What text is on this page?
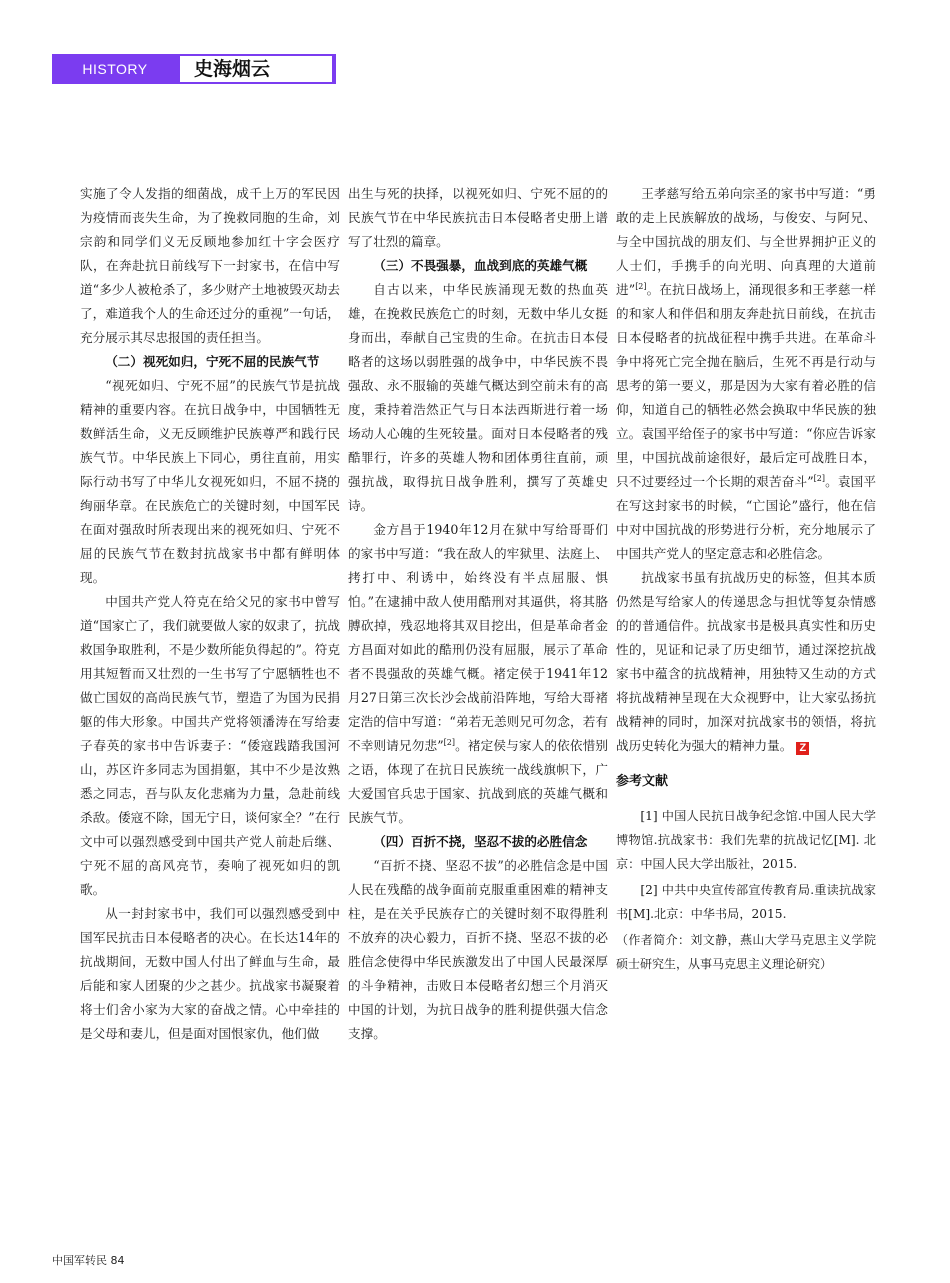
HISTORY	史海烟云

实施了令人发指的细菌战，成千上万的军民因为疫情而丧失生命，为了挽救同胞的生命，刘宗韵和同学们义无反顾地参加红十字会医疗队，在奔赴抗日前线写下一封家书，在信中写道“多少人被枪杀了，多少财产土地被毁灭劫去了，难道我个人的生命还过分的重视”一句话，充分展示其尽忠报国的责任担当。

（二）视死如归，宁死不屈的民族气节

“视死如归、宁死不屈”的民族气节是抗战精神的重要内容。在抗日战争中，中国牺牲无数鲜活生命，义无反顾维护民族尊严和践行民族气节。中华民族上下同心，勇往直前，用实际行动书写了中华儿女视死如归，不屈不挠的绚丽华章。在民族危亡的关键时刻，中国军民在面对强敌时所表现出来的视死如归、宁死不屈的民族气节在数封抗战家书中都有鲜明体现。

中国共产党人符克在给父兄的家书中曾写道“国家亡了，我们就要做人家的奴隶了，抗战救国争取胜利，不是少数所能负得起的”。符克用其短暂而又壮烈的一生书写了宁愿牺牲也不做亡国奴的高尚民族气节，塑造了为国为民捐躯的伟大形象。中国共产党将领潘涛在写给妻子春英的家书中告诉妻子：“倭寇践踏我国河山，苏区许多同志为国捐躯，其中不少是汝熟悉之同志，吾与队友化悲痛为力量，急赴前线杀敌。倭寇不除，国无宁日，谈何家全？”在行文中可以强烈感受到中国共产党人前赴后继、宁死不屈的高风亮节，奏响了视死如归的凯歌。

从一封封家书中，我们可以强烈感受到中国军民抗击日本侵略者的决心。在长达14年的抗战期间，无数中国人付出了鲜血与生命，最后能和家人团聚的少之甚少。抗战家书凝聚着将士们舍小家为大家的奋战之情。心中牵挂的是父母和妻儿，但是面对国恨家仇，他们做

出生与死的抉择，以视死如归、宁死不屈的的民族气节在中华民族抗击日本侵略者史册上谱写了壮烈的篇章。

（三）不畏强暴，血战到底的英雄气概

自古以来，中华民族涌现无数的热血英雄，在挽救民族危亡的时刻，无数中华儿女挺身而出，奉献自己宝贵的生命。在抗击日本侵略者的这场以弱胜强的战争中，中华民族不畏强敌、永不服输的英雄气概达到空前未有的高度，秉持着浩然正气与日本法西斯进行着一场场动人心魄的生死较量。面对日本侵略者的残酷罪行，许多的英雄人物和团体勇往直前，顽强抗战，取得抗日战争胜利，撰写了英雄史诗。

金方昌于1940年12月在狱中写给哥哥们的家书中写道：“我在敌人的牢狱里、法庭上、拷打中、利诱中，始终没有半点屈服、惧怕。”在逮捕中敌人使用酷刑对其逼供，将其胳膊砍掉，残忍地将其双目挖出，但是革命者金方昌面对如此的酷刑仍没有屈服，展示了革命者不畏强敌的英雄气概。褚定侯于1941年12月27日第三次长沙会战前沿阵地，写给大哥褚定浩的信中写道：“弟若无恙则兄可勿念，若有不幸则请兄勿悲”[2]。褚定侯与家人的依依惜别之语，体现了在抗日民族统一战线旗帜下，广大爱国官兵忠于国家、抗战到底的英雄气概和民族气节。

（四）百折不挠，坚忍不拔的必胜信念

“百折不挠、坚忍不拔”的必胜信念是中国人民在残酷的战争面前克服重重困难的精神支柱，是在关乎民族存亡的关键时刻不取得胜利不放弃的决心毅力，百折不挠、坚忍不拔的必胜信念使得中华民族激发出了中国人民最深厚的斗争精神，击败日本侵略者幻想三个月消灭中国的计划，为抗日战争的胜利提供强大信念支撑。

王孝慈写给五弟向宗圣的家书中写道：“勇敢的走上民族解放的战场，与俊安、与阿兄、与全中国抗战的朋友们、与全世界拥护正义的人士们，手携手的向光明、向真理的大道前进”[2]。在抗日战场上，涌现很多和王孝慈一样的和家人和伴侣和朋友奔赴抗日前线，在抗击日本侵略者的抗战征程中携手共进。在革命斗争中将死亡完全抛在脑后，生死不再是行动与思考的第一要义，那是因为大家有着必胜的信仰，知道自己的牺牲必然会换取中华民族的独立。袁国平给侄子的家书中写道：“你应告诉家里，中国抗战前途很好，最后定可战胜日本，只不过要经过一个长期的艰苦奋斗”[2]。袁国平在写这封家书的时候，“亡国论”盛行，他在信中对中国抗战的形势进行分析，充分地展示了中国共产党人的坚定意志和必胜信念。

抗战家书虽有抗战历史的标签，但其本质仍然是写给家人的传递思念与担忧等复杂情感的的普通信件。抗战家书是极具真实性和历史性的，见证和记录了历史细节，通过深挖抗战家书中蕴含的抗战精神，用独特又生动的方式将抗战精神呈现在大众视野中，让大家弘扬抗战精神的同时，加深对抗战家书的领悟，将抗战历史转化为强大的精神力量。 Z

参考文献

[1] 中国人民抗日战争纪念馆.中国人民大学博物馆.抗战家书：我们先辈的抗战记忆[M]. 北京：中国人民大学出版社，2015.

[2] 中共中央宣传部宣传教育局.重读抗战家书[M].北京：中华书局，2015.

（作者简介：刘文静，燕山大学马克思主义学院硕士研究生，从事马克思主义理论研究）

中国军转民 84
